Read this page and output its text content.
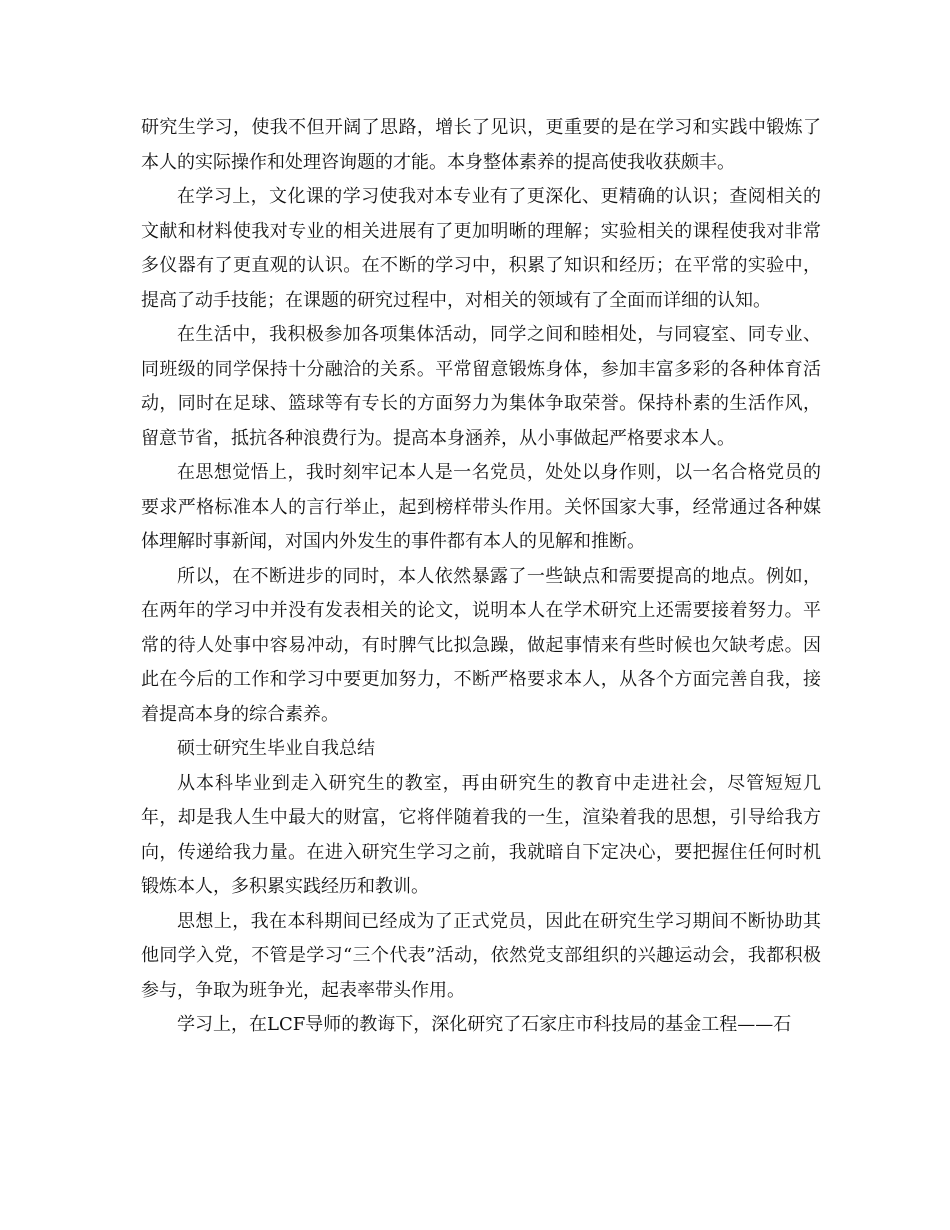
研究生学习，使我不但开阔了思路，增长了见识，更重要的是在学习和实践中锻炼了本人的实际操作和处理咨询题的才能。本身整体素养的提高使我收获颇丰。

在学习上，文化课的学习使我对本专业有了更深化、更精确的认识；查阅相关的文献和材料使我对专业的相关进展有了更加明晰的理解；实验相关的课程使我对非常多仪器有了更直观的认识。在不断的学习中，积累了知识和经历；在平常的实验中，提高了动手技能；在课题的研究过程中，对相关的领域有了全面而详细的认知。

在生活中，我积极参加各项集体活动，同学之间和睦相处，与同寝室、同专业、同班级的同学保持十分融洽的关系。平常留意锻炼身体，参加丰富多彩的各种体育活动，同时在足球、篮球等有专长的方面努力为集体争取荣誉。保持朴素的生活作风，留意节省，抵抗各种浪费行为。提高本身涵养，从小事做起严格要求本人。

在思想觉悟上，我时刻牢记本人是一名党员，处处以身作则，以一名合格党员的要求严格标准本人的言行举止，起到榜样带头作用。关怀国家大事，经常通过各种媒体理解时事新闻，对国内外发生的事件都有本人的见解和推断。

所以，在不断进步的同时，本人依然暴露了一些缺点和需要提高的地点。例如，在两年的学习中并没有发表相关的论文，说明本人在学术研究上还需要接着努力。平常的待人处事中容易冲动，有时脾气比拟急躁，做起事情来有些时候也欠缺考虑。因此在今后的工作和学习中要更加努力，不断严格要求本人，从各个方面完善自我，接着提高本身的综合素养。

硕士研究生毕业自我总结

从本科毕业到走入研究生的教室，再由研究生的教育中走进社会，尽管短短几年，却是我人生中最大的财富，它将伴随着我的一生，渲染着我的思想，引导给我方向，传递给我力量。在进入研究生学习之前，我就暗自下定决心，要把握住任何时机锻炼本人，多积累实践经历和教训。

思想上，我在本科期间已经成为了正式党员，因此在研究生学习期间不断协助其他同学入党，不管是学习“三个代表”活动，依然党支部组织的兴趣运动会，我都积极参与，争取为班争光，起表率带头作用。

学习上，在LCF导师的教诲下，深化研究了石家庄市科技局的基金工程——石
